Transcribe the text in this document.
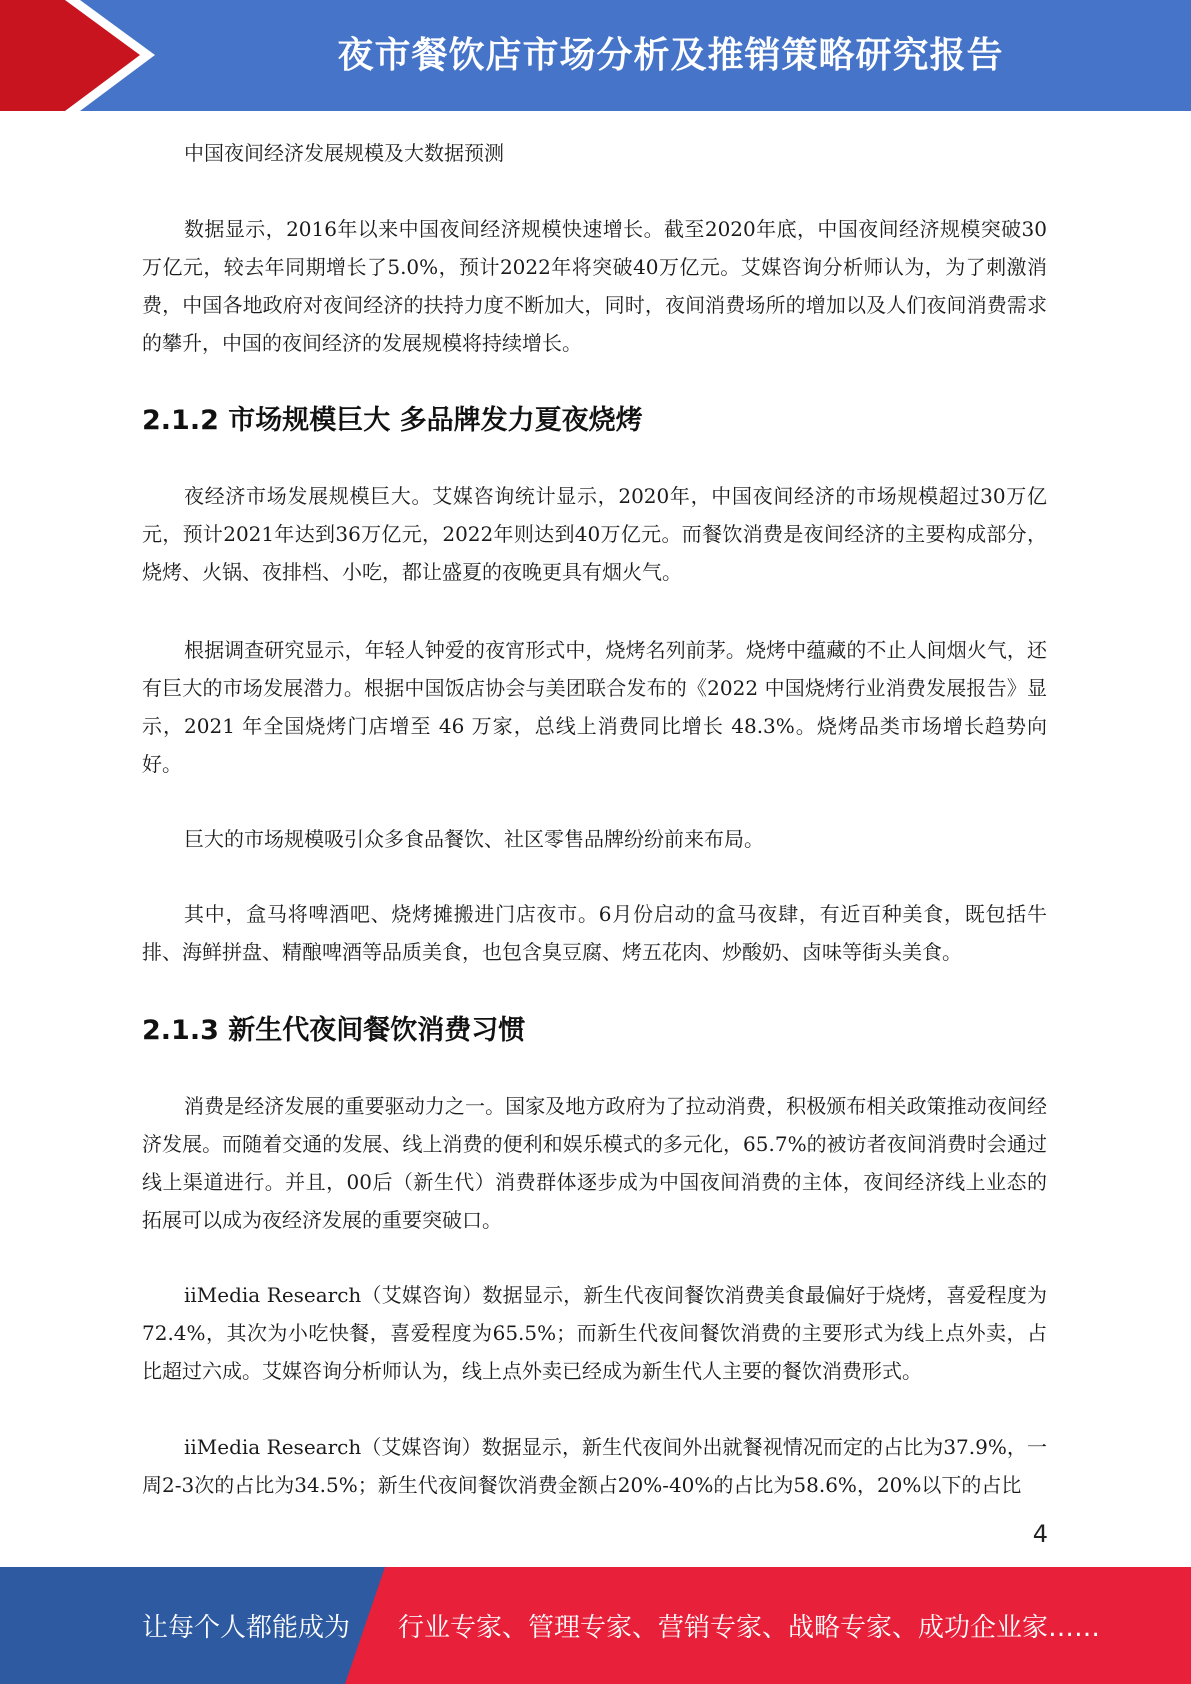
夜市餐饮店市场分析及推销策略研究报告

中国夜间经济发展规模及大数据预测

数据显示，2016年以来中国夜间经济规模快速增长。截至2020年底，中国夜间经济规模突破30万亿元，较去年同期增长了5.0%，预计2022年将突破40万亿元。艾媒咨询分析师认为，为了刺激消费，中国各地政府对夜间经济的扶持力度不断加大，同时，夜间消费场所的增加以及人们夜间消费需求的攀升，中国的夜间经济的发展规模将持续增长。

2.1.2 市场规模巨大 多品牌发力夏夜烧烤

夜经济市场发展规模巨大。艾媒咨询统计显示，2020年，中国夜间经济的市场规模超过30万亿元，预计2021年达到36万亿元，2022年则达到40万亿元。而餐饮消费是夜间经济的主要构成部分，烧烤、火锅、夜排档、小吃，都让盛夏的夜晚更具有烟火气。

根据调查研究显示，年轻人钟爱的夜宵形式中，烧烤名列前茅。烧烤中蕴藏的不止人间烟火气，还有巨大的市场发展潜力。根据中国饭店协会与美团联合发布的《2022 中国烧烤行业消费发展报告》显示，2021 年全国烧烤门店增至 46 万家，总线上消费同比增长 48.3%。烧烤品类市场增长趋势向好。

巨大的市场规模吸引众多食品餐饮、社区零售品牌纷纷前来布局。

其中，盒马将啤酒吧、烧烤摊搬进门店夜市。6月份启动的盒马夜肆，有近百种美食，既包括牛排、海鲜拼盘、精酿啤酒等品质美食，也包含臭豆腐、烤五花肉、炒酸奶、卤味等街头美食。

2.1.3 新生代夜间餐饮消费习惯

消费是经济发展的重要驱动力之一。国家及地方政府为了拉动消费，积极颁布相关政策推动夜间经济发展。而随着交通的发展、线上消费的便利和娱乐模式的多元化，65.7%的被访者夜间消费时会通过线上渠道进行。并且，00后（新生代）消费群体逐步成为中国夜间消费的主体，夜间经济线上业态的拓展可以成为夜经济发展的重要突破口。

iiMedia Research（艾媒咨询）数据显示，新生代夜间餐饮消费美食最偏好于烧烤，喜爱程度为72.4%，其次为小吃快餐，喜爱程度为65.5%；而新生代夜间餐饮消费的主要形式为线上点外卖，占比超过六成。艾媒咨询分析师认为，线上点外卖已经成为新生代人主要的餐饮消费形式。

iiMedia Research（艾媒咨询）数据显示，新生代夜间外出就餐视情况而定的占比为37.9%，一周2-3次的占比为34.5%；新生代夜间餐饮消费金额占20%-40%的占比为58.6%，20%以下的占比

4
让每个人都能成为 行业专家、管理专家、营销专家、战略专家、成功企业家……
